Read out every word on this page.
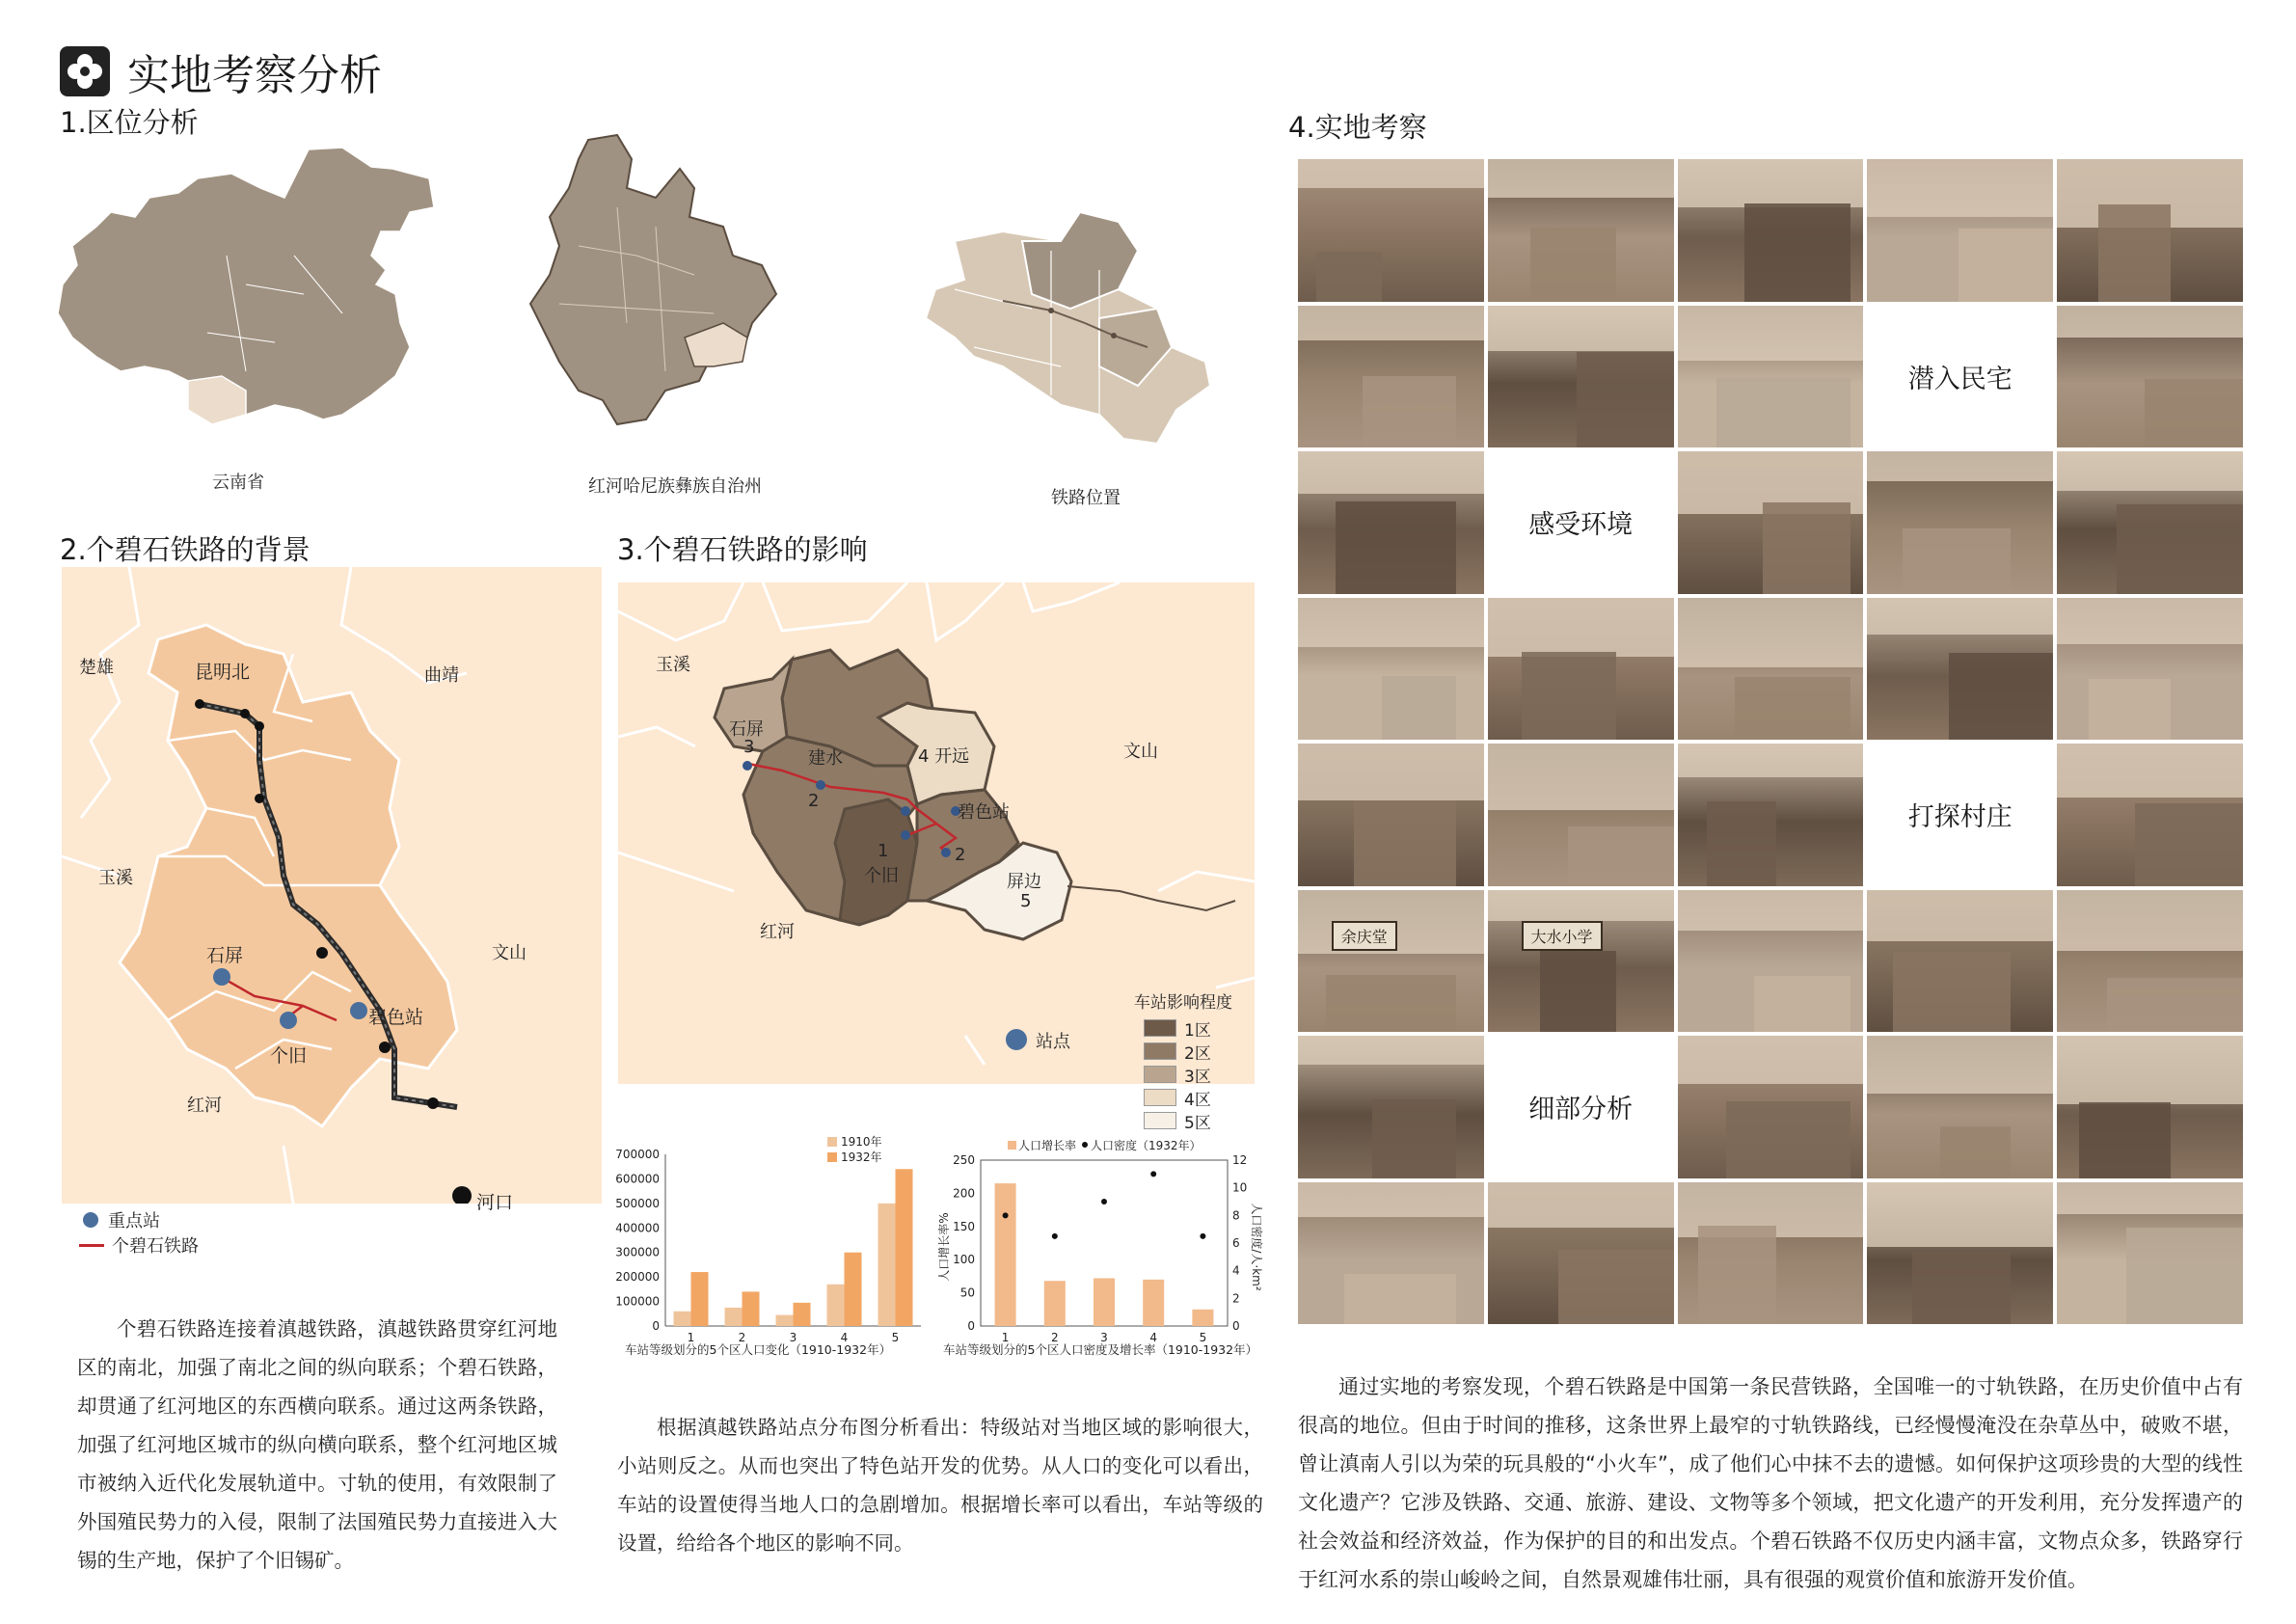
实地考察分析
1.区位分析
云南省	红河哈尼族彝族自治州
铁路位置
2.个碧石铁路的背景
楚雄	曲靖
玉溪
文山
红河
昆明北
石屏
碧色站
个旧
河口
重点站
个碧石铁路
个碧石铁路连接着滇越铁路，滇越铁路贯穿红河地区的南北，加强了南北之间的纵向联系；个碧石铁路，却贯通了红河地区的东西横向联系。通过这两条铁路，加强了红河地区城市的纵向横向联系，整个红河地区城市被纳入近代化发展轨道中。寸轨的使用，有效限制了外国殖民势力的入侵，限制了法国殖民势力直接进入大锡的生产地，保护了个旧锡矿。
3.个碧石铁路的影响
玉溪
文山
红河
石屏
3
建水
2
4 开远
碧色站
2
1
个旧	屏边
5
站点
车站影响程度
1区
2区
3区
4区
5区
0
100000
200000
300000
400000
500000
600000
700000
1	2	3	4	5
1910年
1932年
车站等级划分的5个区人口变化（1910-1932年）
0
50
100
150
200
250
0
2
4
6
8
10
12
1	2	3	4	5
人口增长率 人口密度（1932年）
人口增长率%	人口密度/人·km²
车站等级划分的5个区人口密度及增长率（1910-1932年）
根据滇越铁路站点分布图分析看出：特级站对当地区域的影响很大，小站则反之。从而也突出了特色站开发的优势。从人口的变化可以看出，车站的设置使得当地人口的急剧增加。根据增长率可以看出，车站等级的设置，给给各个地区的影响不同。
4.实地考察
潜入民宅
感受环境
打探村庄
余庆堂	大水小学
细部分析
通过实地的考察发现，个碧石铁路是中国第一条民营铁路，全国唯一的寸轨铁路，在历史价值中占有很高的地位。但由于时间的推移，这条世界上最窄的寸轨铁路线，已经慢慢淹没在杂草丛中，破败不堪，曾让滇南人引以为荣的玩具般的“小火车”，成了他们心中抹不去的遗憾。如何保护这项珍贵的大型的线性文化遗产？它涉及铁路、交通、旅游、建设、文物等多个领域，把文化遗产的开发利用，充分发挥遗产的社会效益和经济效益，作为保护的目的和出发点。个碧石铁路不仅历史内涵丰富，文物点众多，铁路穿行于红河水系的崇山峻岭之间，自然景观雄伟壮丽，具有很强的观赏价值和旅游开发价值。
